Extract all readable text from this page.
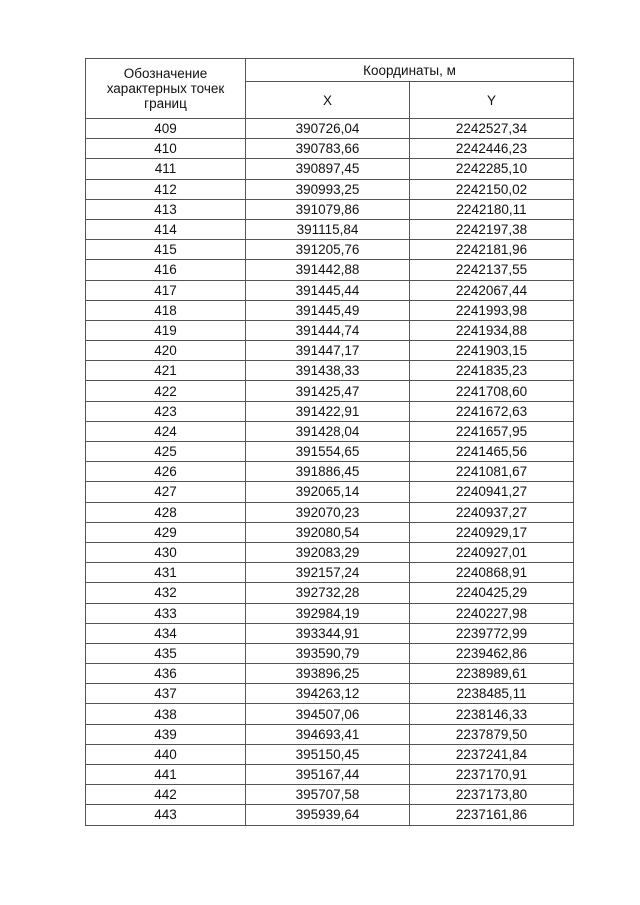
Обозначение характерных точек границ	Координаты, м	
	X	Y
409	390726,04	2242527,34
410	390783,66	2242446,23
411	390897,45	2242285,10
412	390993,25	2242150,02
413	391079,86	2242180,11
414	391115,84	2242197,38
415	391205,76	2242181,96
416	391442,88	2242137,55
417	391445,44	2242067,44
418	391445,49	2241993,98
419	391444,74	2241934,88
420	391447,17	2241903,15
421	391438,33	2241835,23
422	391425,47	2241708,60
423	391422,91	2241672,63
424	391428,04	2241657,95
425	391554,65	2241465,56
426	391886,45	2241081,67
427	392065,14	2240941,27
428	392070,23	2240937,27
429	392080,54	2240929,17
430	392083,29	2240927,01
431	392157,24	2240868,91
432	392732,28	2240425,29
433	392984,19	2240227,98
434	393344,91	2239772,99
435	393590,79	2239462,86
436	393896,25	2238989,61
437	394263,12	2238485,11
438	394507,06	2238146,33
439	394693,41	2237879,50
440	395150,45	2237241,84
441	395167,44	2237170,91
442	395707,58	2237173,80
443	395939,64	2237161,86
